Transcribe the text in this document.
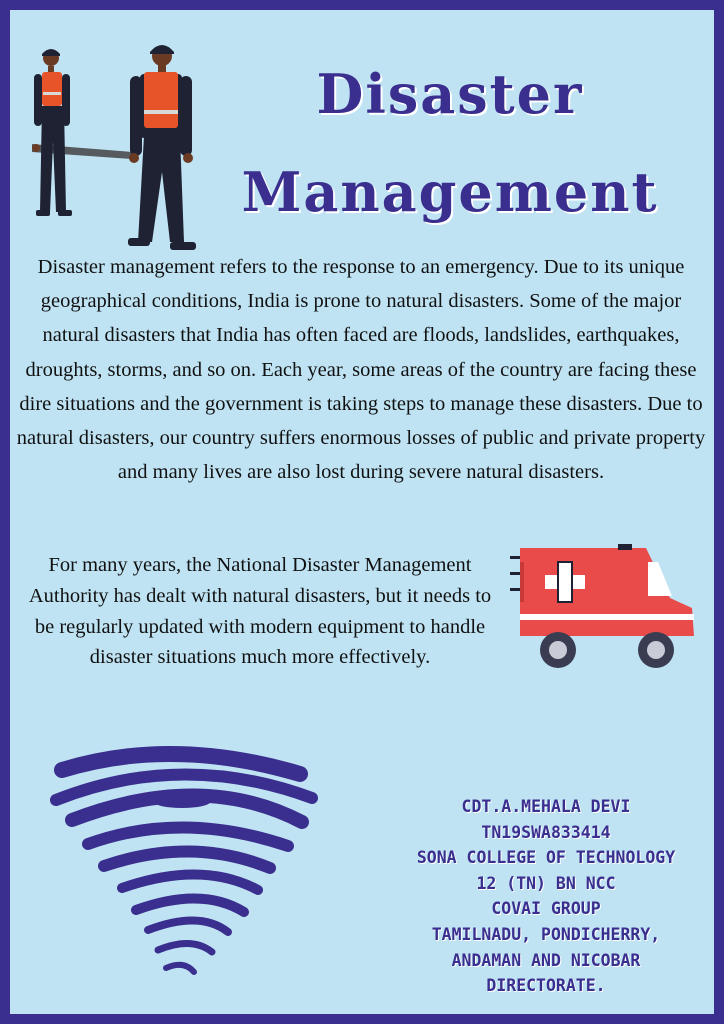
Disaster
Management

Disaster management refers to the response to an emergency. Due to its unique geographical conditions, India is prone to natural disasters. Some of the major natural disasters that India has often faced are floods, landslides, earthquakes, droughts, storms, and so on. Each year, some areas of the country are facing these dire situations and the government is taking steps to manage these disasters. Due to natural disasters, our country suffers enormous losses of public and private property and many lives are also lost during severe natural disasters.

For many years, the National Disaster Management Authority has dealt with natural disasters, but it needs to be regularly updated with modern equipment to handle disaster situations much more effectively.

CDT.A.MEHALA DEVI
TN19SWA833414
SONA COLLEGE OF TECHNOLOGY
12 (TN) BN NCC
COVAI GROUP
TAMILNADU, PONDICHERRY,
ANDAMAN AND NICOBAR
DIRECTORATE.
